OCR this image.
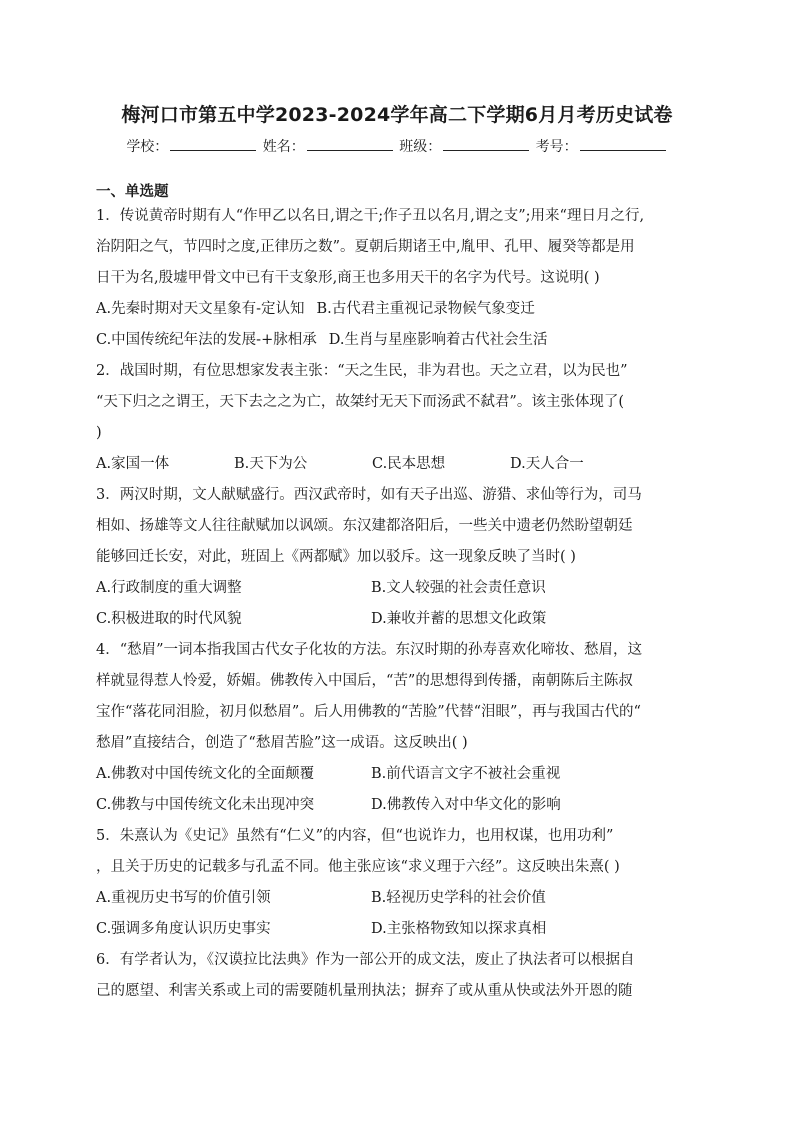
梅河口市第五中学2023-2024学年高二下学期6月月考历史试卷
学校：	姓名：	班级：	考号：
一、单选题
1．传说黄帝时期有人“作甲乙以名日,谓之干;作子丑以名月,谓之支”;用来“理日月之行,
治阴阳之气，节四时之度,正律历之数”。夏朝后期诸王中,胤甲、孔甲、履癸等都是用
日干为名,殷墟甲骨文中已有干支象形,商王也多用天干的名字为代号。这说明( )
A.先秦时期对天文星象有-定认知 B.古代君主重视记录物候气象变迁
C.中国传统纪年法的发展-+脉相承 D.生肖与星座影响着古代社会生活
2．战国时期，有位思想家发表主张：“天之生民，非为君也。天之立君，以为民也”
“天下归之之谓王，天下去之之为亡，故桀纣无天下而汤武不弑君”。该主张体现了(
)
A.家国一体	B.天下为公	C.民本思想	D.天人合一
3．两汉时期，文人献赋盛行。西汉武帝时，如有天子出巡、游猎、求仙等行为，司马
相如、扬雄等文人往往献赋加以讽颂。东汉建都洛阳后，一些关中遗老仍然盼望朝廷
能够回迁长安，对此，班固上《两都赋》加以驳斥。这一现象反映了当时( )
A.行政制度的重大调整	B.文人较强的社会责任意识
C.积极进取的时代风貌	D.兼收并蓄的思想文化政策
4．“愁眉”一词本指我国古代女子化妆的方法。东汉时期的孙寿喜欢化啼妆、愁眉，这
样就显得惹人怜爱，娇媚。佛教传入中国后，“苦”的思想得到传播，南朝陈后主陈叔
宝作“落花同泪脸，初月似愁眉”。后人用佛教的“苦脸”代替“泪眼”，再与我国古代的“
愁眉”直接结合，创造了“愁眉苦脸”这一成语。这反映出( )
A.佛教对中国传统文化的全面颠覆	B.前代语言文字不被社会重视
C.佛教与中国传统文化未出现冲突	D.佛教传入对中华文化的影响
5．朱熹认为《史记》虽然有“仁义”的内容，但“也说诈力，也用权谋，也用功利”
，且关于历史的记载多与孔孟不同。他主张应该“求义理于六经”。这反映出朱熹( )
A.重视历史书写的价值引领	B.轻视历史学科的社会价值
C.强调多角度认识历史事实	D.主张格物致知以探求真相
6．有学者认为，《汉谟拉比法典》作为一部公开的成文法，废止了执法者可以根据自
己的愿望、利害关系或上司的需要随机量刑执法；摒弃了或从重从快或法外开恩的随
